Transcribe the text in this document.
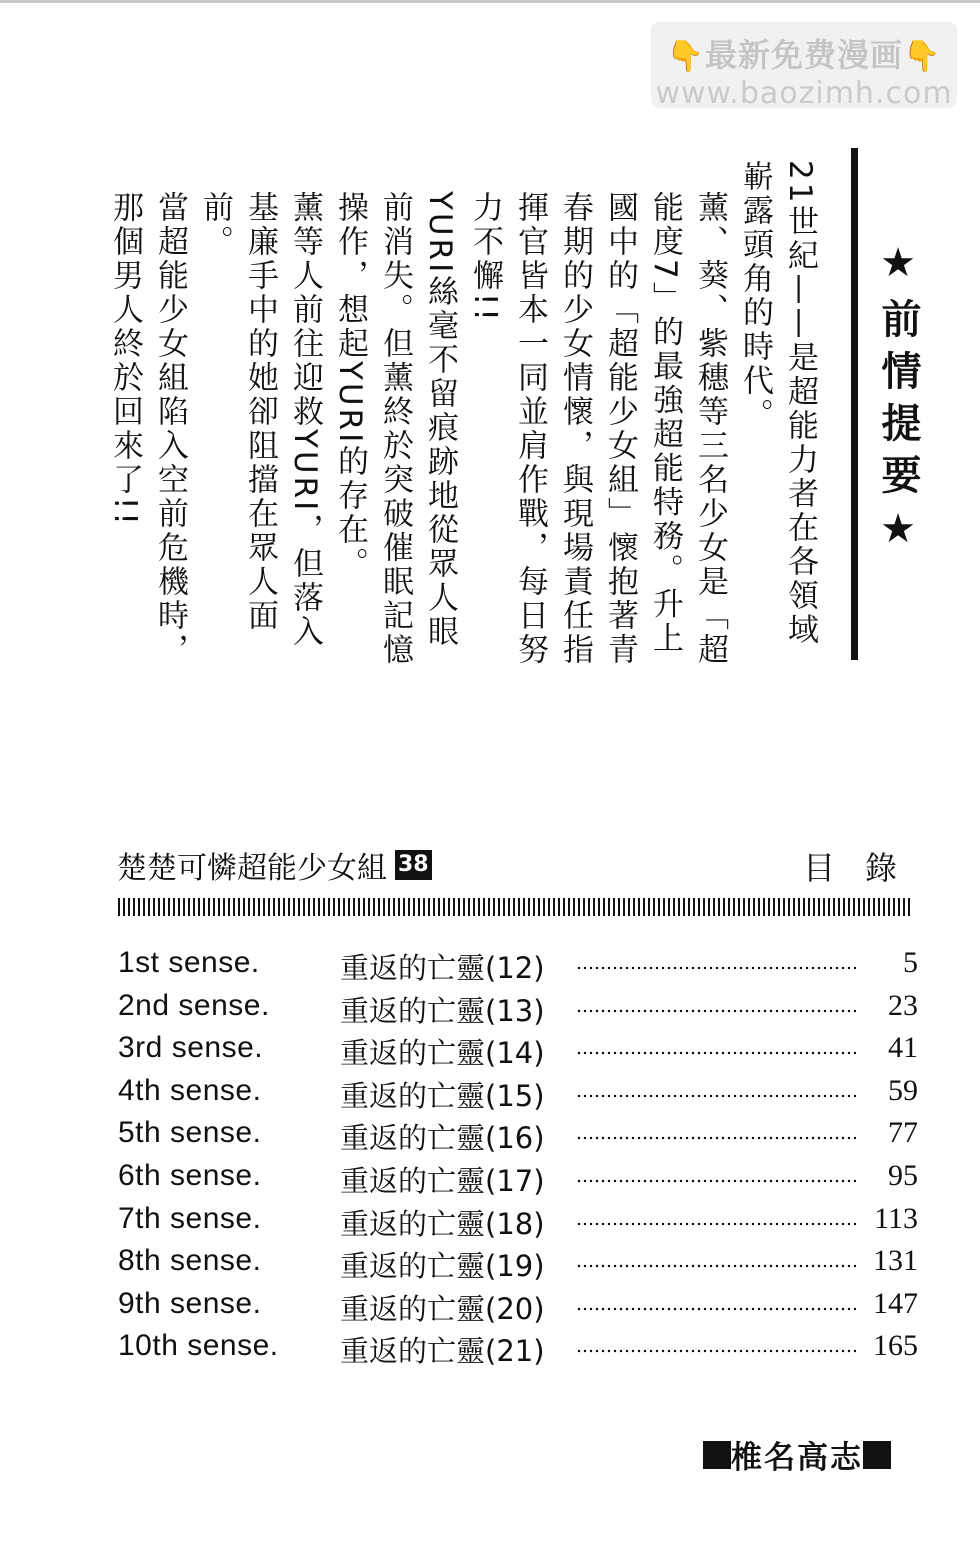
👇最新免费漫画👇
www.baozimh.com
★前情提要★

21世紀——是超能力者在各領域嶄露頭角的時代。

薰、葵、紫穗等三名少女是「超能度7」的最強超能特務。升上國中的「超能少女組」懷抱著青春期的少女情懷，與現場責任指揮官皆本一同並肩作戰，每日努力不懈!!

YURI絲毫不留痕跡地從眾人眼前消失。但薰終於突破催眠記憶操作，想起YURI的存在。

薰等人前往迎救YURI，但落入基廉手中的她卻阻擋在眾人面前。

當超能少女組陷入空前危機時，那個男人終於回來了!!

楚楚可憐超能少女組 38	目錄
1st sense.	重返的亡靈(12)	5
2nd sense. 重返的亡靈(13)	23
3rd sense.	重返的亡靈(14)	41
4th sense.	重返的亡靈(15)	59
5th sense.	重返的亡靈(16)	77
6th sense.	重返的亡靈(17)	95
7th sense.	重返的亡靈(18)	113
8th sense.	重返的亡靈(19)	131
9th sense.	重返的亡靈(20)	147
10th sense. 重返的亡靈(21)	165
椎名高志
